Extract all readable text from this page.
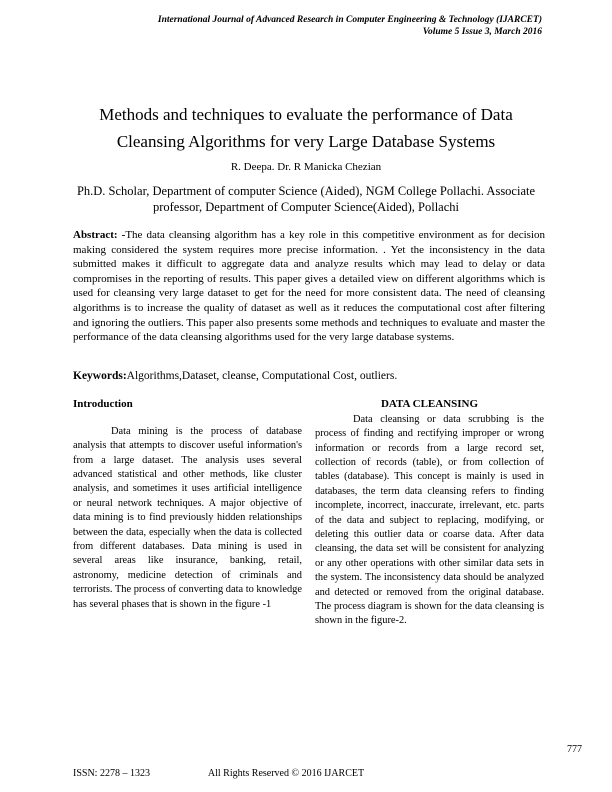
International Journal of Advanced Research in Computer Engineering & Technology (IJARCET)
Volume 5 Issue 3, March 2016
Methods and techniques to evaluate the performance of Data Cleansing Algorithms for very Large Database Systems
R. Deepa. Dr. R Manicka Chezian
Ph.D. Scholar, Department of computer Science (Aided), NGM College Pollachi. Associate professor, Department of Computer Science(Aided), Pollachi

Abstract: -The data cleansing algorithm has a key role in this competitive environment as for decision making considered the system requires more precise information. . Yet the inconsistency in the data submitted makes it difficult to aggregate data and analyze results which may lead to delay or data compromises in the reporting of results. This paper gives a detailed view on different algorithms which is used for cleansing very large dataset to get for the need for more consistent data. The need of cleansing algorithms is to increase the quality of dataset as well as it reduces the computational cost after filtering and ignoring the outliers. This paper also presents some methods and techniques to evaluate and master the performance of the data cleansing algorithms used for the very large database systems.

Keywords:Algorithms,Dataset, cleanse, Computational Cost, outliers.

Introduction

Data mining is the process of database analysis that attempts to discover useful information's from a large dataset. The analysis uses several advanced statistical and other methods, like cluster analysis, and sometimes it uses artificial intelligence or neural network techniques. A major objective of data mining is to find previously hidden relationships between the data, especially when the data is collected from different databases. Data mining is used in several areas like insurance, banking, retail, astronomy, medicine detection of criminals and terrorists. The process of converting data to knowledge has several phases that is shown in the figure -1

DATA CLEANSING

Data cleansing or data scrubbing is the process of finding and rectifying improper or wrong information or records from a large record set, collection of records (table), or from collection of tables (database). This concept is mainly is used in databases, the term data cleansing refers to finding incomplete, incorrect, inaccurate, irrelevant, etc. parts of the data and subject to replacing, modifying, or deleting this outlier data or coarse data. After data cleansing, the data set will be consistent for analyzing or any other operations with other similar data sets in the system. The inconsistency data should be analyzed and detected or removed from the original database. The process diagram is shown for the data cleansing is shown in the figure-2.

777
All Rights Reserved © 2016 IJARCET
ISSN: 2278 – 1323
